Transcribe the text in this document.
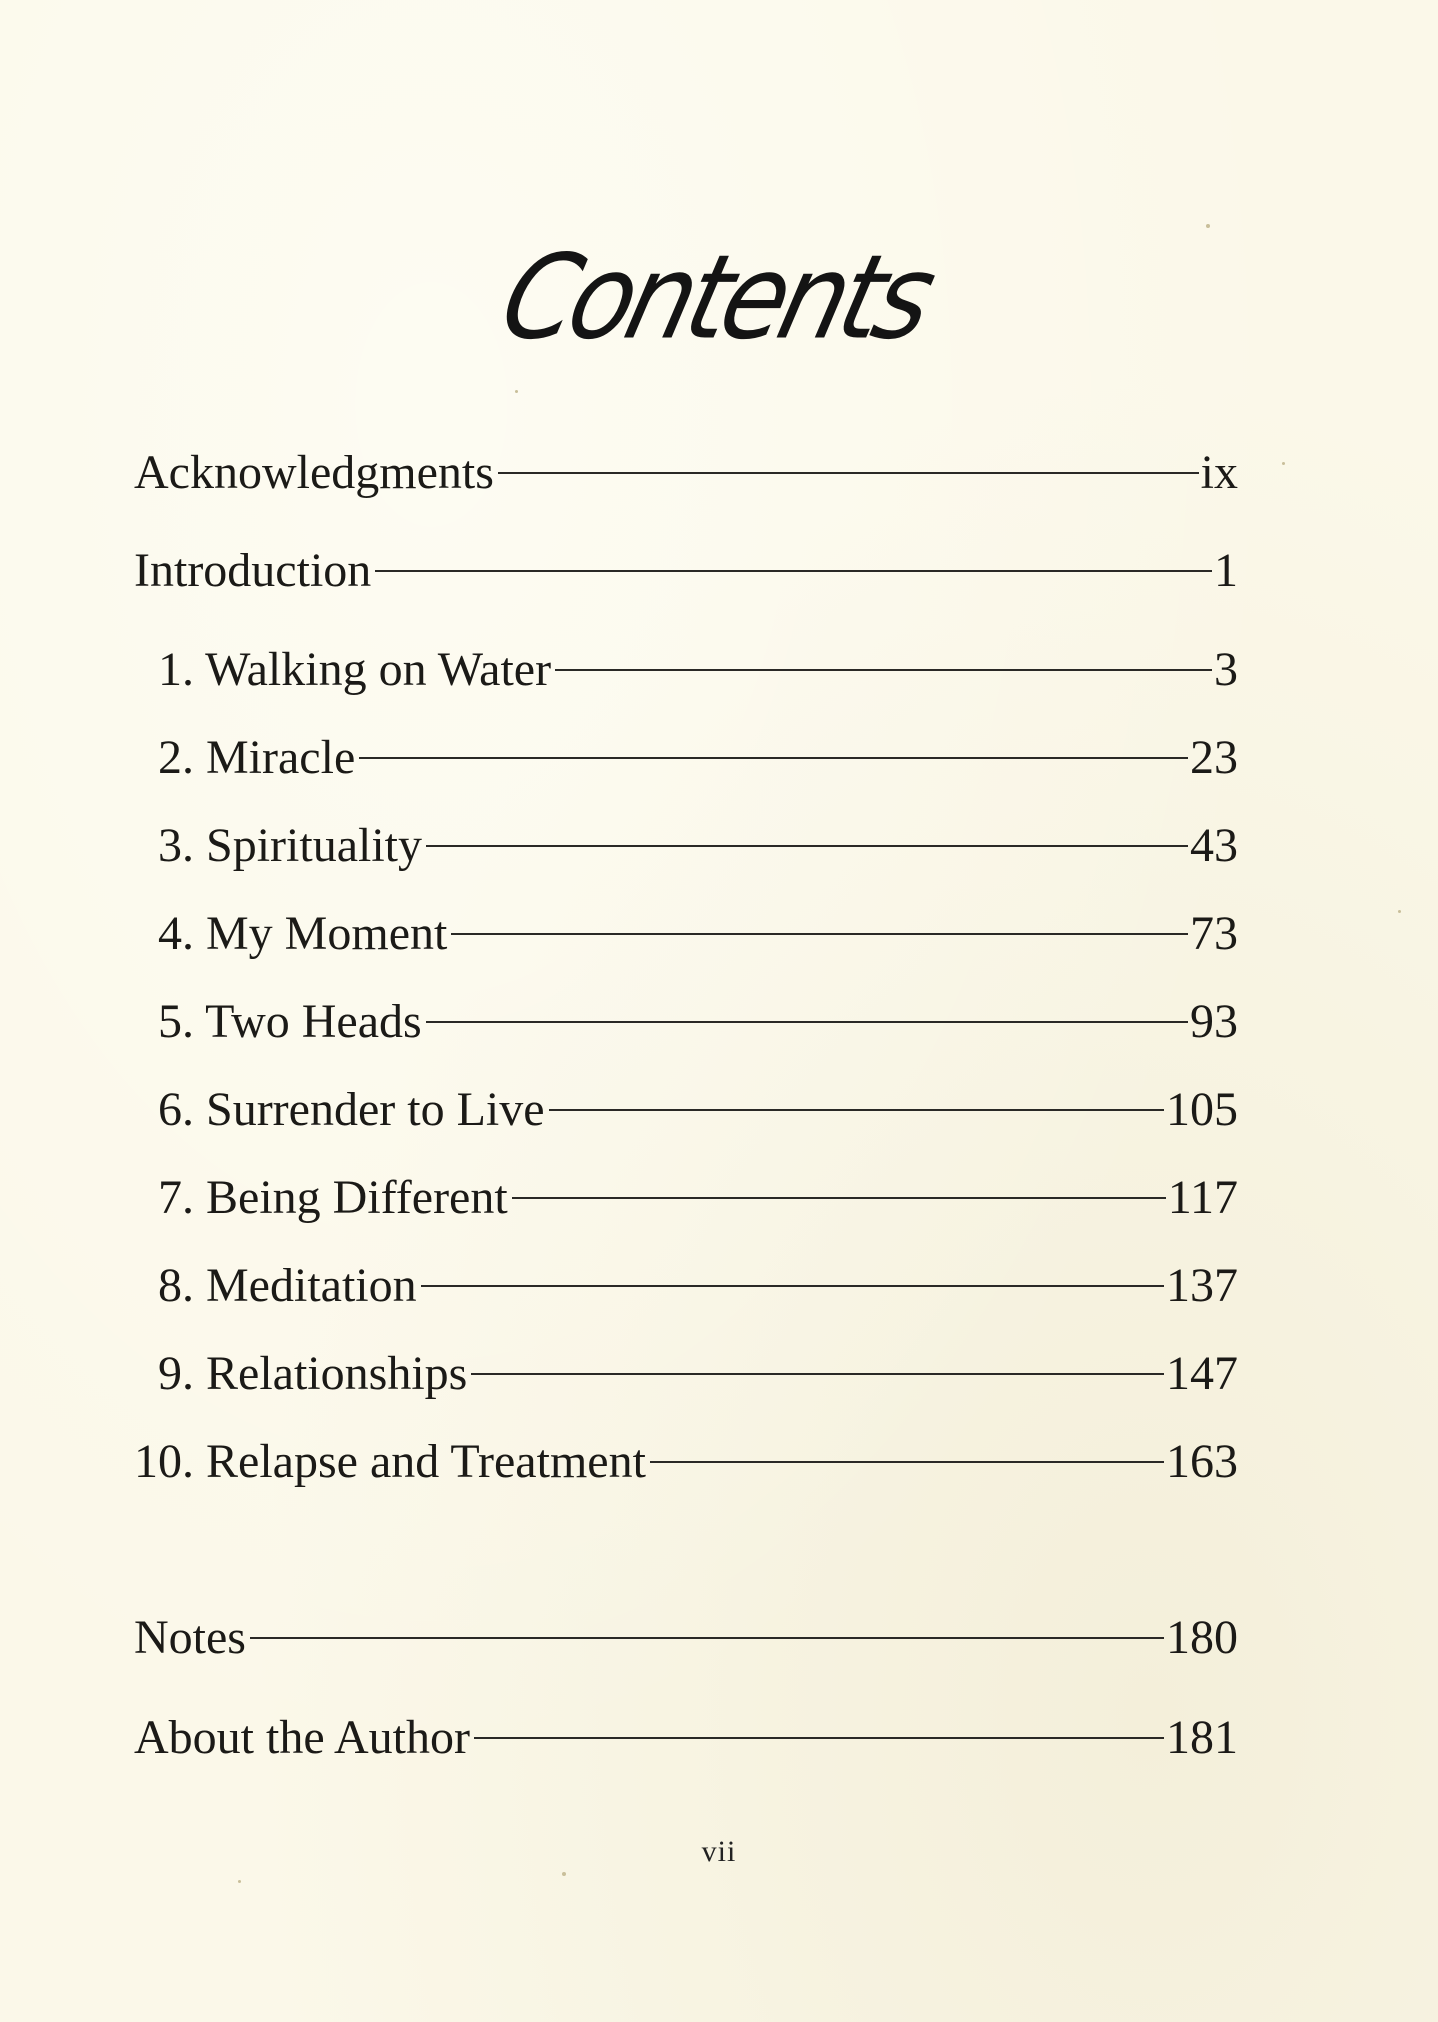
Contents
Acknowledgments	ix
Introduction	1
1. Walking on Water	3
2. Miracle	23
3. Spirituality	43
4. My Moment	73
5. Two Heads	93
6. Surrender to Live	105
7. Being Different	117
8. Meditation	137
9. Relationships	147
10. Relapse and Treatment	163
Notes	180
About the Author	181
vii
